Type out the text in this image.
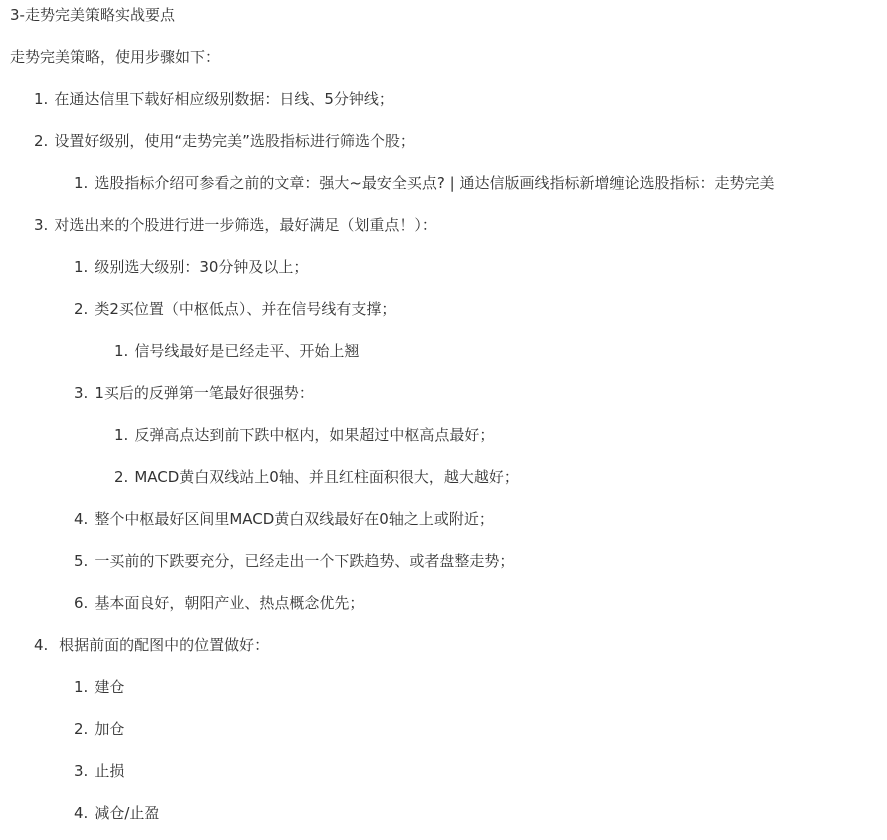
3-走势完美策略实战要点
走势完美策略，使用步骤如下：
1. 在通达信里下载好相应级别数据：日线、5分钟线；
2. 设置好级别，使用“走势完美”选股指标进行筛选个股；
1. 选股指标介绍可参看之前的文章：强大~最安全买点? | 通达信版画线指标新增缠论选股指标：走势完美
3. 对选出来的个股进行进一步筛选，最好满足（划重点！）：
1. 级别选大级别：30分钟及以上；
2. 类2买位置（中枢低点）、并在信号线有支撑；
1. 信号线最好是已经走平、开始上翘
3. 1买后的反弹第一笔最好很强势：
1. 反弹高点达到前下跌中枢内，如果超过中枢高点最好；
2. MACD黄白双线站上0轴、并且红柱面积很大，越大越好；
4. 整个中枢最好区间里MACD黄白双线最好在0轴之上或附近；
5. 一买前的下跌要充分，已经走出一个下跌趋势、或者盘整走势；
6. 基本面良好，朝阳产业、热点概念优先；
4. 根据前面的配图中的位置做好：
1. 建仓
2. 加仓
3. 止损
4. 减仓/止盈
